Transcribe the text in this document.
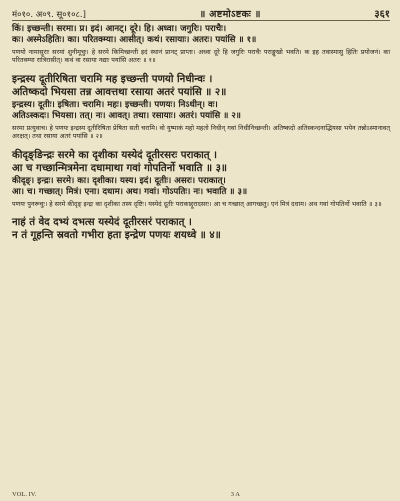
मं०१०. अ०९. सू०१०८.]	॥ अष्टमोऽष्टकः ॥	३६१

किं। इच्छन्ती। सरमा। प्र। इदं। आनट्। दूरे। हि। अध्वा। जगुरिः। पराचैः।

कः। अस्मेऽहितिः। का। परितक्म्या। आसीत्। कथं। रसायाः। अतरः। पयांसि ॥ १॥

पणयो नामासुराः सरमां शुनीमूचुः। हे सरमे किमिच्छन्ती इदं स्थानं प्रानट् प्राप्ता। अध्वा दूरे हि जगुरिः पराचैः पराङ्मुखो भवति। क इह तवास्मासु हितिः प्रयोजनं। का परितक्म्या रात्रिरासीत्। कथं वा रसाया नद्याः पयांसि अतरः ॥ १॥

इन्द्रस्य दूतीरिषिता चरामि मह इच्छन्ती पणयो निधीन्वः ।

अतिष्कदो भियसा तन्न आवत्तथा रसाया अतरं पयांसि ॥ २॥

इन्द्रस्य। दूतीः। इषिता। चरामि। महः। इच्छन्ती। पणयः। निऽधीन्। वः।

अतिऽस्कदः। भियसा। तत्। नः। आवत्। तथा। रसायाः। अतरं। पयांसि ॥ २॥

सरमा प्रत्युवाच। हे पणयः इन्द्रस्य दूतीरिषिता प्रेषिता सती चरामि। वो युष्माकं महो महतो निधीन् गवां निधीनिच्छन्ती। अतिष्कदो अतिस्कन्दनाद्भियसा भयेन तन्नोऽस्मानावत् अरक्षत्। तथा रसाया अतरं पयांसि ॥ २॥

कीदृङ्ङिन्द्रः सरमे का दृशीका यस्येदं दूतीरसरः पराकात् ।

आ च गच्छान्मित्रमेना दधामाथा गवां गोपतिर्नो भवाति ॥ ३॥

कीदृङ्। इन्द्रः। सरमे। का। दृशीका। यस्य। इदं। दूतीः। असरः। पराकात्।

आ। च। गच्छात्। मित्रं। एना। दधाम। अथ। गवां। गोऽपतिः। नः। भवाति ॥ ३॥

पणयः पुनरूचुः। हे सरमे कीदृङ् इन्द्रः का दृशीका तस्य दृष्टिः। यस्येदं दूतीः पराकाद्दूरादसरः। आ च गच्छात् आगच्छतु। एनं मित्रं दधाम। अथ गवां गोपतिर्नो भवाति ॥ ३॥

नाहं तं वेद दभ्यं दभत्स यस्येदं दूतीरसरं पराकात् ।

न तं गूहन्ति स्रवतो गभीरा हता इन्द्रेण पणयः शयध्वे ॥ ४॥

VOL. IV.	3 A
